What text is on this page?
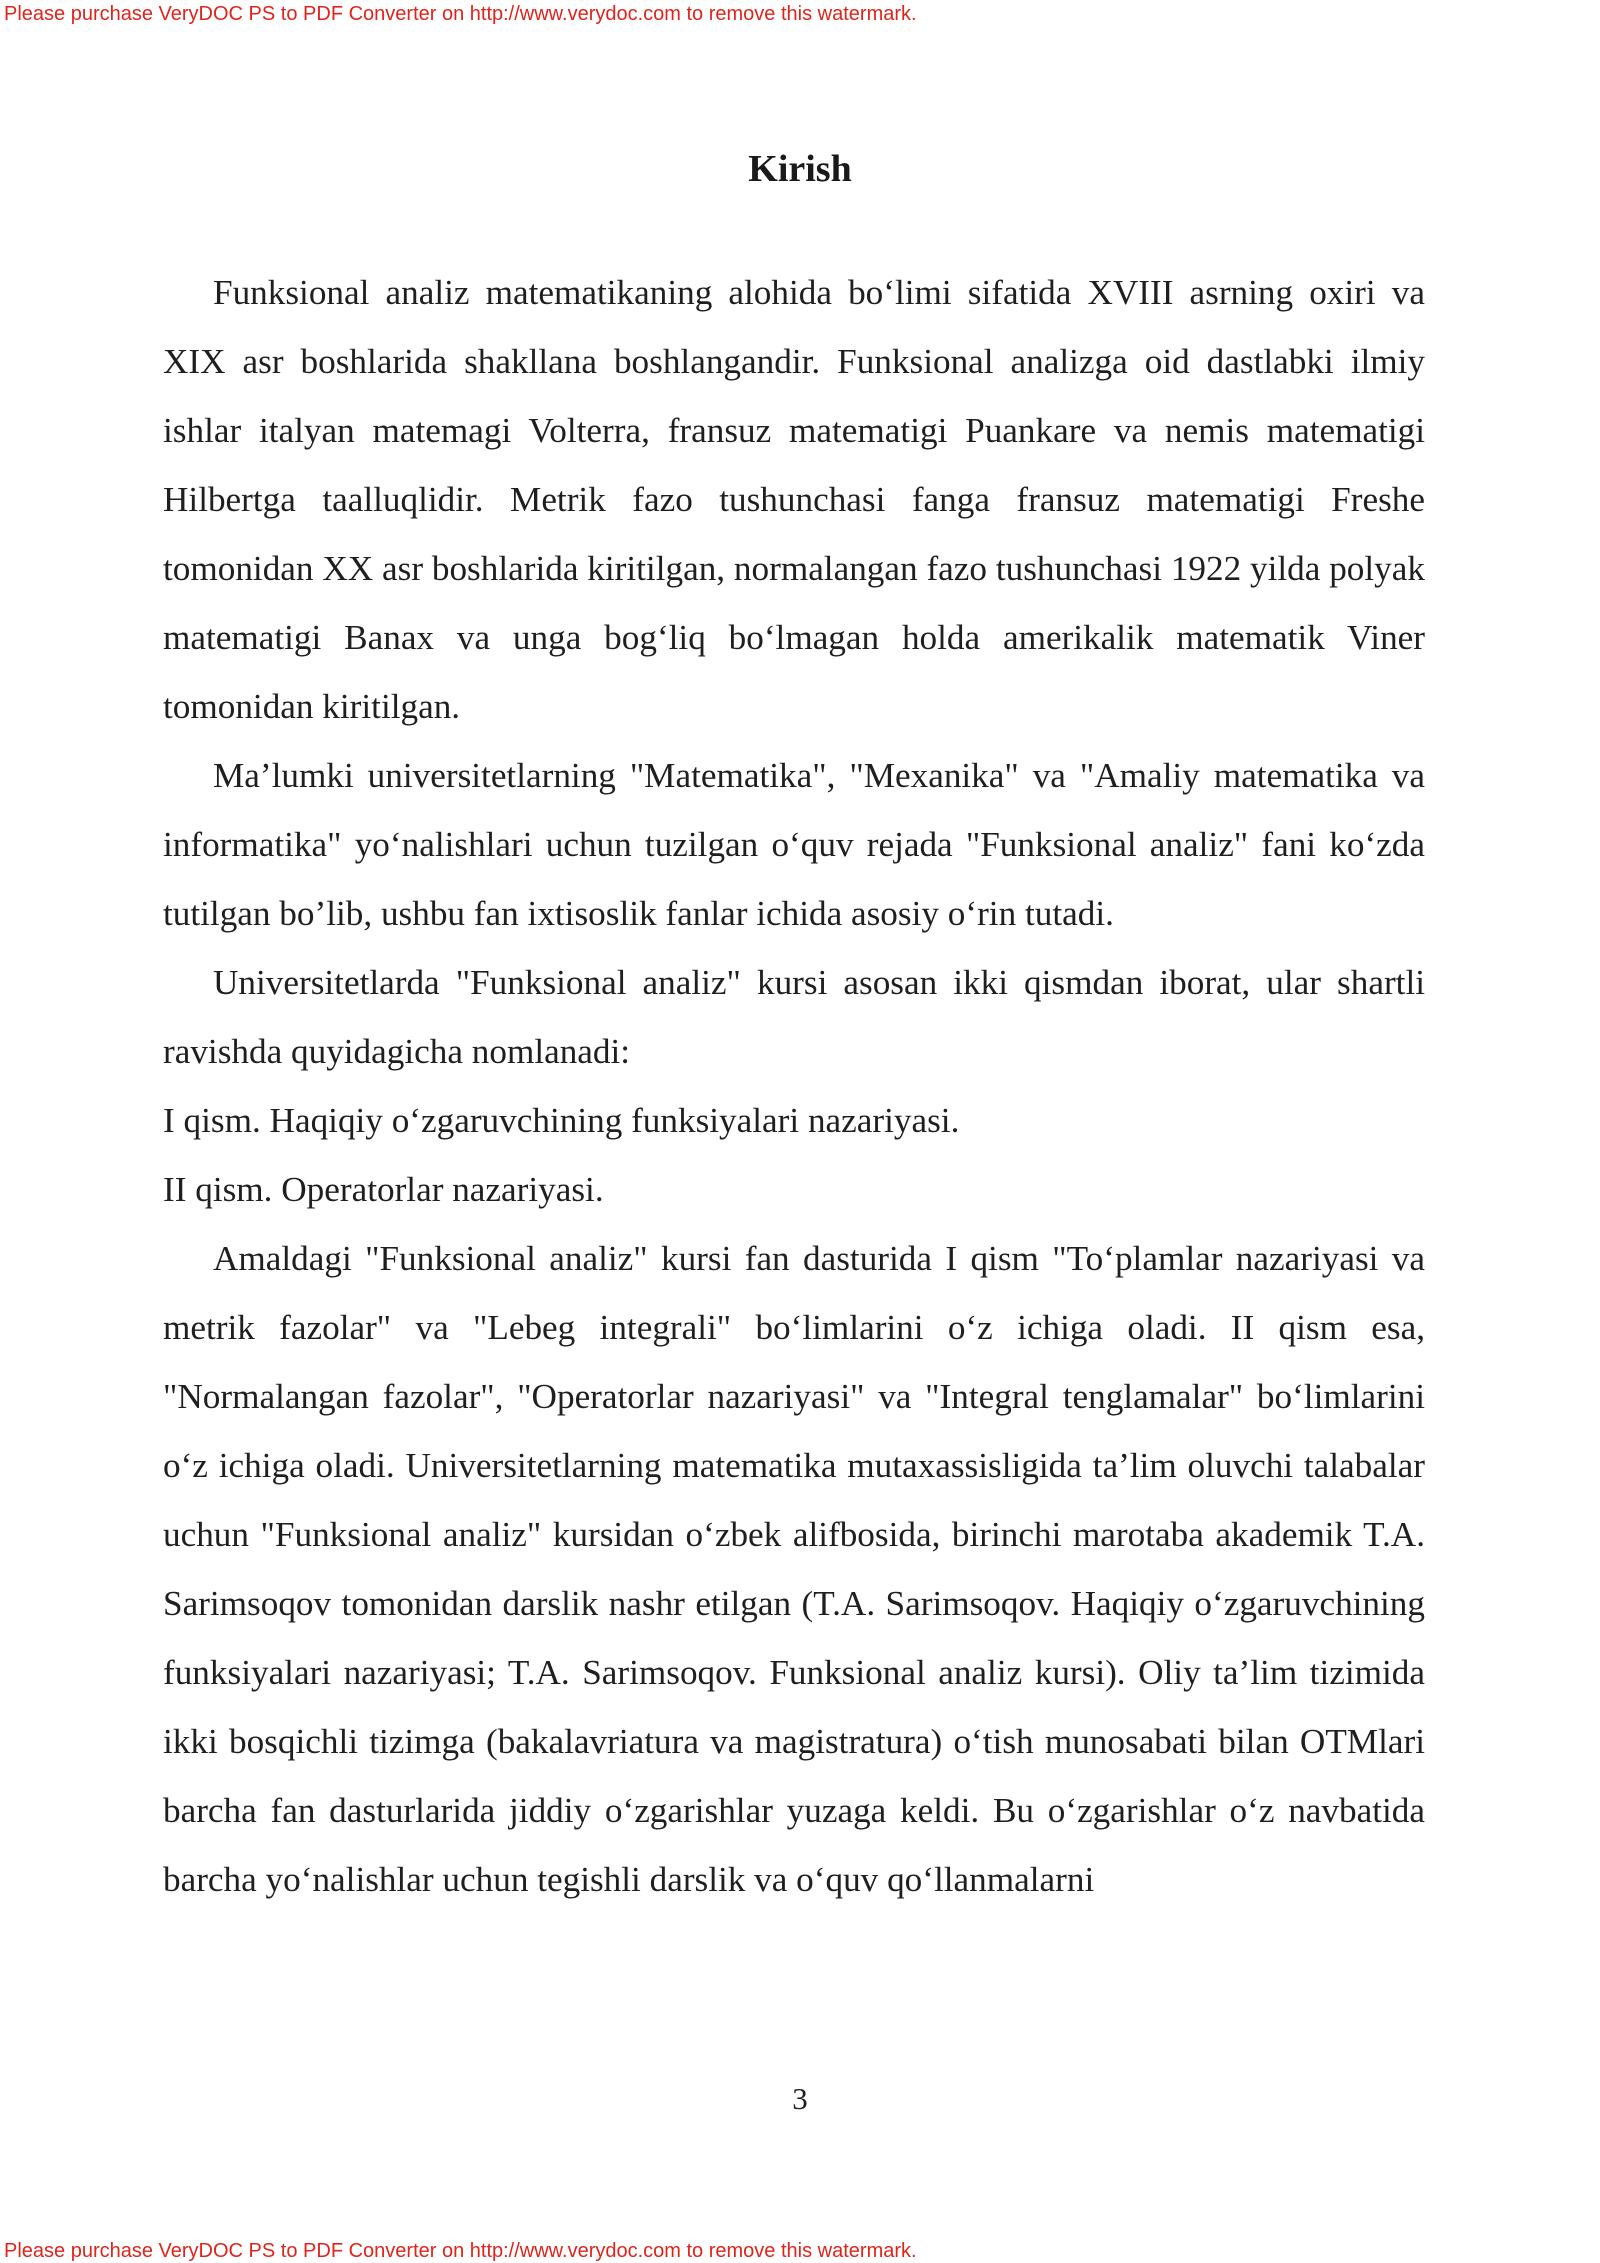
Please purchase VeryDOC PS to PDF Converter on http://www.verydoc.com to remove this watermark.
Kirish

Funksional analiz matematikaning alohida bo‘limi sifatida XVIII asrning oxiri va XIX asr boshlarida shakllana boshlangandir. Funksional analizga oid dastlabki ilmiy ishlar italyan matemagi Volterra, fransuz matematigi Puankare va nemis matematigi Hilbertga taalluqlidir. Metrik fazo tushunchasi fanga fransuz matematigi Freshe tomonidan XX asr boshlarida kiritilgan, normalangan fazo tushunchasi 1922 yilda polyak matematigi Banax va unga bog‘liq bo‘lmagan holda amerikalik matematik Viner tomonidan kiritilgan.

Ma’lumki universitetlarning "Matematika", "Mexanika" va "Amaliy matematika va informatika" yo‘nalishlari uchun tuzilgan o‘quv rejada "Funksional analiz" fani ko‘zda tutilgan bo’lib, ushbu fan ixtisoslik fanlar ichida asosiy o‘rin tutadi.

Universitetlarda "Funksional analiz" kursi asosan ikki qismdan iborat, ular shartli ravishda quyidagicha nomlanadi:

I qism. Haqiqiy o‘zgaruvchining funksiyalari nazariyasi.

II qism. Operatorlar nazariyasi.

Amaldagi "Funksional analiz" kursi fan dasturida I qism "To‘plamlar nazariyasi va metrik fazolar" va "Lebeg integrali" bo‘limlarini o‘z ichiga oladi. II qism esa, "Normalangan fazolar", "Operatorlar nazariyasi" va "Integral tenglamalar" bo‘limlarini o‘z ichiga oladi. Universitetlarning matematika mutaxassisligida ta’lim oluvchi talabalar uchun "Funksional analiz" kursidan o‘zbek alifbosida, birinchi marotaba akademik T.A. Sarimsoqov tomonidan darslik nashr etilgan (T.A. Sarimsoqov. Haqiqiy o‘zgaruvchining funksiyalari nazariyasi; T.A. Sarimsoqov. Funksional analiz kursi). Oliy ta’lim tizimida ikki bosqichli tizimga (bakalavriatura va magistratura) o‘tish munosabati bilan OTMlari barcha fan dasturlarida jiddiy o‘zgarishlar yuzaga keldi. Bu o‘zgarishlar o‘z navbatida barcha yo‘nalishlar uchun tegishli darslik va o‘quv qo‘llanmalarni

3
Please purchase VeryDOC PS to PDF Converter on http://www.verydoc.com to remove this watermark.
